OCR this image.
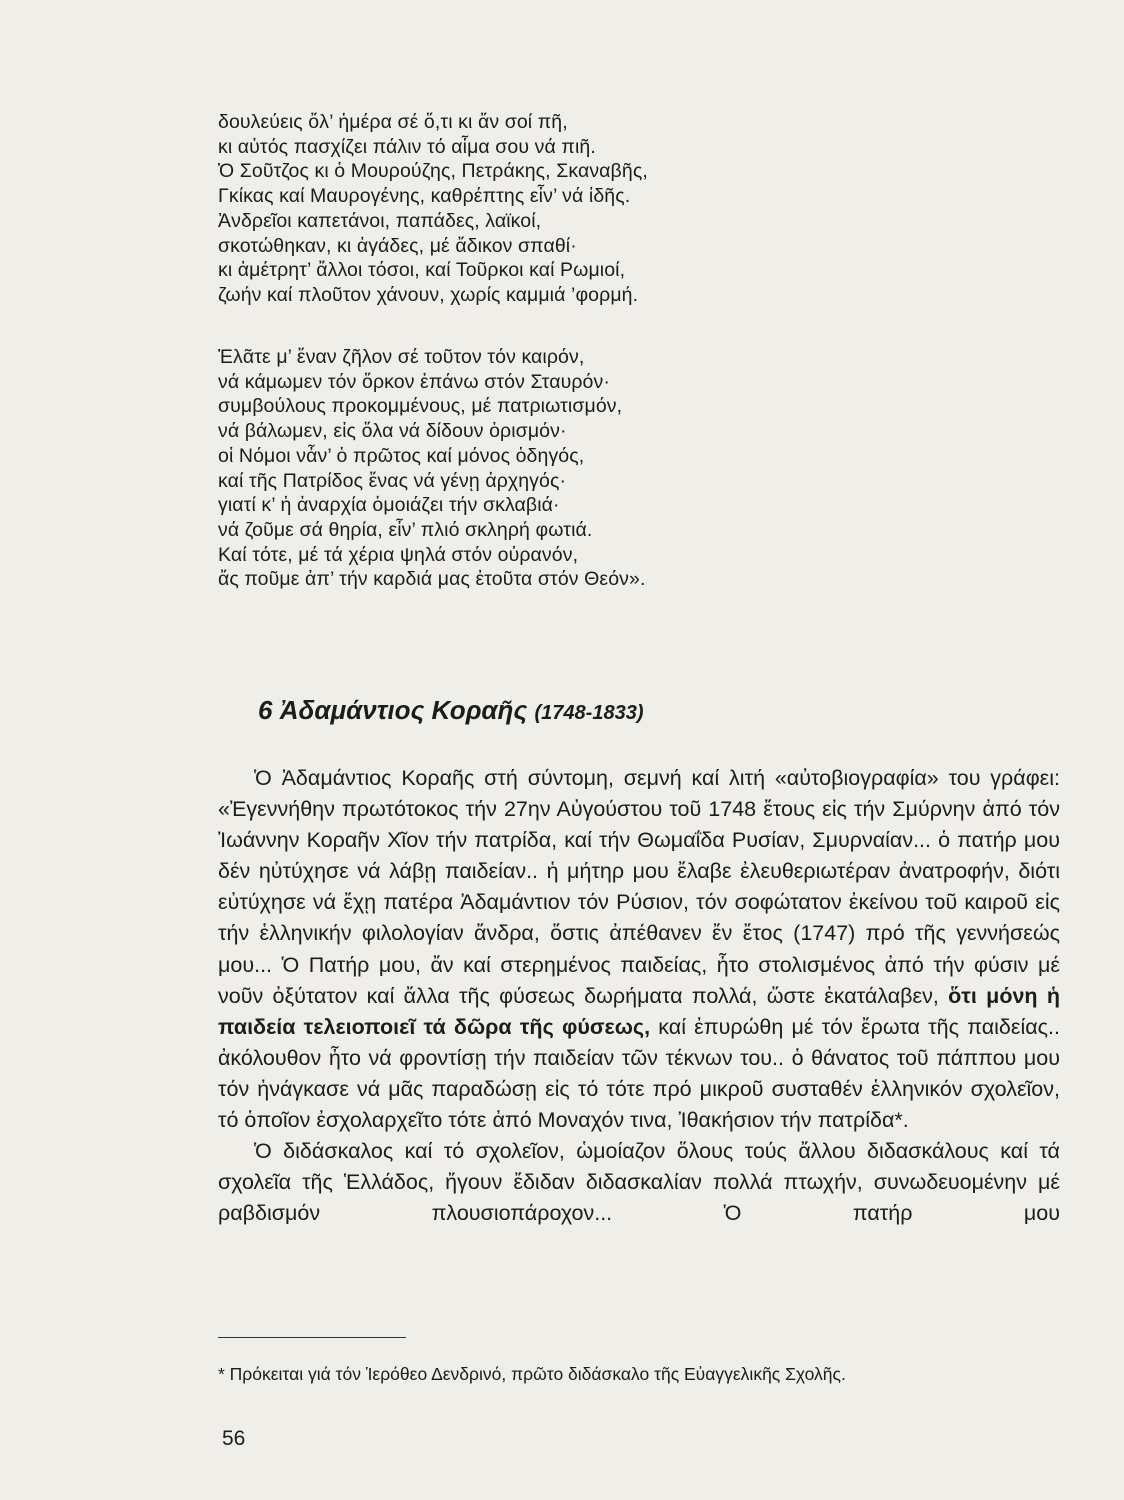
δουλεύεις ὄλ’ ἡμέρα σέ ὅ,τι κι ἄν σοί πῆ,
κι αὐτός πασχίζει πάλιν τό αἷμα σου νά πιῆ.
Ὁ Σοῦτζος κι ὁ Μουρούζης, Πετράκης, Σκαναβῆς,
Γκίκας καί Μαυρογένης, καθρέπτης εἶν’ νά ἰδῆς.
Ἀνδρεῖοι καπετάνοι, παπάδες, λαϊκοί,
σκοτώθηκαν, κι ἀγάδες, μέ ἄδικον σπαθί·
κι ἀμέτρητ’ ἄλλοι τόσοι, καί Τοῦρκοι καί Ρωμιοί,
ζωήν καί πλοῦτον χάνουν, χωρίς καμμιά ’φορμή.
Ἐλᾶτε μ’ ἕναν ζῆλον σέ τοῦτον τόν καιρόν,
νά κάμωμεν τόν ὅρκον ἐπάνω στόν Σταυρόν·
συμβούλους προκομμένους, μέ πατριωτισμόν,
νά βάλωμεν, εἰς ὅλα νά δίδουν ὁρισμόν·
οἱ Νόμοι νἆν’ ὁ πρῶτος καί μόνος ὁδηγός,
καί τῆς Πατρίδος ἕνας νά γένῃ ἀρχηγός·
γιατί κ’ ἡ ἀναρχία ὁμοιάζει τήν σκλαβιά·
νά ζοῦμε σά θηρία, εἶν’ πλιό σκληρή φωτιά.
Καί τότε, μέ τά χέρια ψηλά στόν οὐρανόν,
ἄς ποῦμε ἀπ’ τήν καρδιά μας ἐτοῦτα στόν Θεόν».
6 Ἀδαμάντιος Κοραῆς (1748-1833)

Ὁ Ἀδαμάντιος Κοραῆς στή σύντομη, σεμνή καί λιτή «αὐτοβιογραφία» του γράφει: «Ἐγεννήθην πρωτότοκος τήν 27ην Αὐγούστου τοῦ 1748 ἔτους εἰς τήν Σμύρνην ἀπό τόν Ἰωάννην Κοραῆν Χῖον τήν πατρίδα, καί τήν Θωμαΐδα Ρυσίαν, Σμυρναίαν... ὁ πατήρ μου δέν ηὐτύχησε νά λάβῃ παιδείαν.. ἡ μήτηρ μου ἔλαβε ἐλευθεριωτέραν ἀνατροφήν, διότι εὐτύχησε νά ἔχῃ πατέρα Ἀδαμάντιον τόν Ρύσιον, τόν σοφώτατον ἐκείνου τοῦ καιροῦ εἰς τήν ἑλληνικήν φιλολογίαν ἄνδρα, ὅστις ἀπέθανεν ἔν ἔτος (1747) πρό τῆς γεννήσεώς μου... Ὁ Πατήρ μου, ἄν καί στερημένος παιδείας, ἦτο στολισμένος ἀπό τήν φύσιν μέ νοῦν ὀξύτατον καί ἄλλα τῆς φύσεως δωρήματα πολλά, ὥστε ἐκατάλαβεν, ὅτι μόνη ἡ παιδεία τελειοποιεῖ τά δῶρα τῆς φύσεως, καί ἐπυρώθη μέ τόν ἔρωτα τῆς παιδείας.. ἀκόλουθον ἦτο νά φροντίσῃ τήν παιδείαν τῶν τέκνων του.. ὁ θάνατος τοῦ πάππου μου τόν ἠνάγκασε νά μᾶς παραδώσῃ εἰς τό τότε πρό μικροῦ συσταθέν ἑλληνικόν σχολεῖον, τό ὁποῖον ἐσχολαρχεῖτο τότε ἀπό Μοναχόν τινα, Ἰθακήσιον τήν πατρίδα*.

Ὁ διδάσκαλος καί τό σχολεῖον, ὡμοίαζον ὅλους τούς ἄλλου διδασκάλους καί τά σχολεῖα τῆς Ἑλλάδος, ἤγουν ἔδιδαν διδασκαλίαν πολλά πτωχήν, συνωδευομένην μέ ραβδισμόν πλουσιοπάροχον... Ὁ πατήρ μου

* Πρόκειται γιά τόν Ἱερόθεο Δενδρινό, πρῶτο διδάσκαλο τῆς Εὐαγγελικῆς Σχολῆς.
56
